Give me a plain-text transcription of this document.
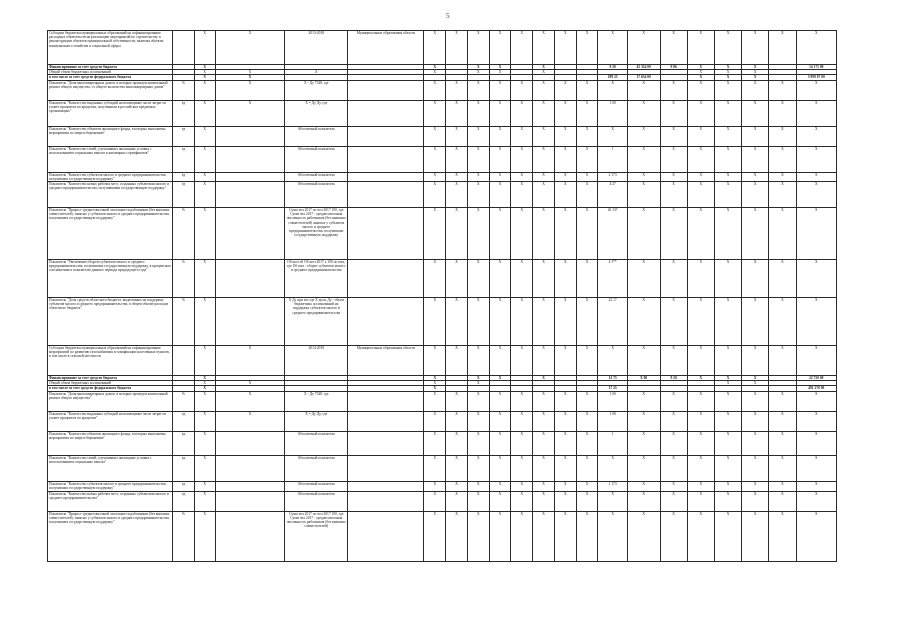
5
Субсидии бюджетам муниципальных образований на софинансирование расходных обязательств на реализацию мероприятий по строительству и реконструкции объектов муниципальной собственности, включая объекты коммунального хозяйства и социальной сферы		X	X		2013-2018	Муниципальные образования области	X	X	X	X	X	X	X	X	X	X	X	X	X	X	X	X
Финансирование за счет средств бюджета		X					X		X	X		X			9 20	45 354 00	9 86	X	X	X		14 175 00
Общий объем бюджетных ассигнований		X	X		X		X		X	X		X						X	X	X		
в том числе за счет средств федерального бюджета		X	X												299 25	17 634 00		X	X	X		3 999 07 00
Показатель "Доля многоквартирных домов, в которых проведен капитальный ремонт общего имущества, от общего количества многоквартирных домов"	%	X	X		Х - Ду 7348, где		X	X	X	X	X	X	X	X	X	X	X	X	X	X	X	X
Показатель "Количество выданных субсидий на возмещение части затрат по уплате процентов по кредитам, полученным в российских кредитных организациях"	ед	X	X		Х = Ду Ду, где		X	X	X	X	X	X	X	X	1 00	X	X	X	X	X	X	X
Показатель "Количество объектов жилищного фонда, в которых выполнены мероприятия по энергосбережению"	ед	X			Абсолютный показатель		X	X	X	X	X	X	X	X	X	X	X	X	X	X	X	X
Показатель "Количество семей, улучшивших жилищные условия с использованием социальных выплат и жилищных сертификатов"	ед	X			Абсолютный показатель		X	X	X	X	X	X	X	X	1	X	X	X	X	X	X	X
Показатель "Количество субъектов малого и среднего предпринимательства, получивших государственную поддержку"	ед	X			Абсолютный показатель		X	X	X	X	X	X	X	X	2 173	X	X	X	X	X	X	X
Показатель "Количество новых рабочих мест, созданных субъектами малого и среднего предпринимательства, получившими государственную поддержку"	ед	X			Абсолютный показатель		X	X	X	X	X	X	X	X	4 27	X	X	X	X	X	X	X
Показатель "Прирост среднесписочной численности работников (без внешних совместителей), занятых у субъектов малого и среднего предпринимательства, получивших государственную поддержку"	%	X			Сумм чел 2017 по чел 2017 100, где Сумм чел 2017 - среднесписочная численность работников (без внешних совместителей) занятых у субъектов малого и среднего предпринимательства, получивших государственную поддержку		X	X	X	X	X	X	X	X	26 137	X	X	X	X	X	X	X
Показатель "Увеличение оборота субъектов малого и среднего предпринимательства, получивших государственную поддержку, в процентном соотношении к показателю данного периода предыдущего года"	%	X			Об шел об Об шел 2017 х 100 по шел, где Об шел - оборот субъектов малого и среднего предпринимательства		X	X	X	X	X	X	X	X	4 1**	X	X	X	X	X	X	X
Показатель "Доля средств областного бюджета, выделенных на поддержку субъектов малого и среднего предпринимательства, в общем объеме расходов областного бюджета"	%	X			Х Ду при экс где Х доля, Ду - объем бюджетных ассигнований на поддержку субъектов малого и среднего предпринимательства		X	X	X	X	X	X	X	X	22 17	X	X	X	X	X	X	X
Субсидии бюджетам муниципальных образований на софинансирование мероприятий по развитию газоснабжения и газификации населенных пунктов, в том числе в сельской местности		X	X		2014-2018	Муниципальные образования области	X	X	X	X	X	X	X	X	X	X	X	X	X	X	X	X
Финансирование за счет средств бюджета		X					X		X	X		X			12 75	X 00	9 20	X	X	X		22 750 00
Общий объем бюджетных ассигнований		X	X				X		X										X	X		
в том числе за счет средств федерального бюджета		X					X								17 25							491 270 00
Показатель "Доля многоквартирных домов, в которых проведен капитальный ремонт общего имущества"	%	X	X		Х - Ду 7348, где		X	X	X	X	X	X	X	X	1 00	X	X	X	X	X	X	X
Показатель "Количество выданных субсидий на возмещение части затрат по уплате процентов по кредитам"	ед	X	X		Х = Ду Ду, где		X	X	X	X	X	X	X	X	1 00	X	X	X	X	X	X	X
Показатель "Количество объектов жилищного фонда, в которых выполнены мероприятия по энергосбережению"	ед	X			Абсолютный показатель		X	X	X	X	X	X	X	X	1	X	X	X	X	X	X	X
Показатель "Количество семей, улучшивших жилищные условия с использованием социальных выплат"	ед	X			Абсолютный показатель		X	X	X	X	X	X	X	X	X	X	X	X	X	X	X	X
Показатель "Количество субъектов малого и среднего предпринимательства, получивших государственную поддержку"	ед	X			Абсолютный показатель		X	X	X	X	X	X	X	X	1 173	X	X	X	X	X	X	X
Показатель "Количество новых рабочих мест, созданных субъектами малого и среднего предпринимательства"	ед	X			Абсолютный показатель		X	X	X	X	X	X	X	X	X	X	X	X	X	X	X	X
Показатель "Прирост среднесписочной численности работников (без внешних совместителей), занятых у субъектов малого и среднего предпринимательства, получивших государственную поддержку"	%	X			Сумм чел 2017 по чел 2017 100, где Сумм чел 2017 - среднесписочная численность работников (без внешних совместителей)		X	X	X	X	X	X	X	X	X	X	X	X	X	X	X	X
